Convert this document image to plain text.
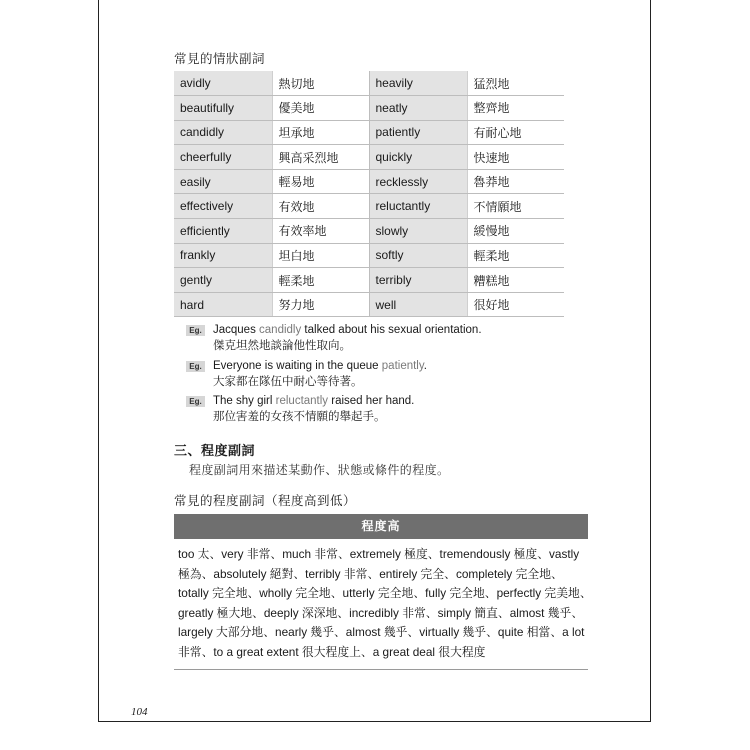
常見的情狀副詞
avidly	熱切地	heavily	猛烈地
beautifully	優美地	neatly	整齊地
candidly	坦承地	patiently	有耐心地
cheerfully	興高采烈地	quickly	快速地
easily	輕易地	recklessly	魯莽地
effectively	有效地	reluctantly	不情願地
efficiently	有效率地	slowly	緩慢地
frankly	坦白地	softly	輕柔地
gently	輕柔地	terribly	糟糕地
hard	努力地	well	很好地
Eg. Jacques candidly talked about his sexual orientation.
傑克坦然地談論他性取向。
Eg. Everyone is waiting in the queue patiently.
大家都在隊伍中耐心等待著。
Eg. The shy girl reluctantly raised her hand.
那位害羞的女孩不情願的舉起手。
三、程度副詞
程度副詞用來描述某動作、狀態或條件的程度。
常見的程度副詞（程度高到低）
程度高
too 太、very 非常、much 非常、extremely 極度、tremendously 極度、vastly
極為、absolutely 絕對、terribly 非常、entirely 完全、completely 完全地、
totally 完全地、wholly 完全地、utterly 完全地、fully 完全地、perfectly 完美地、
greatly 極大地、deeply 深深地、incredibly 非常、simply 簡直、almost 幾乎、
largely 大部分地、nearly 幾乎、almost 幾乎、virtually 幾乎、quite 相當、a lot
非常、to a great extent 很大程度上、a great deal 很大程度
104
